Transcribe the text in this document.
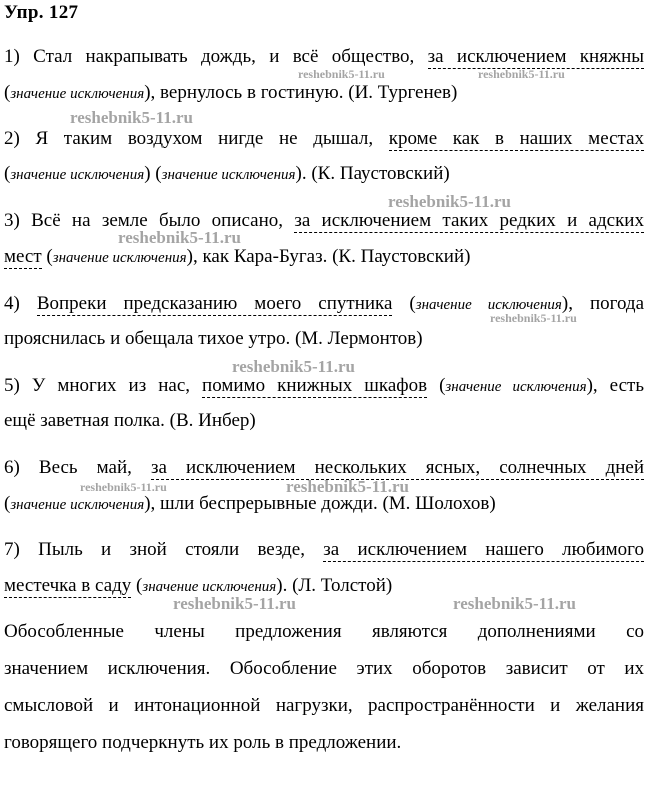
Упр. 127
1) Стал накрапывать дождь, и всё общество, за исключением княжны
(значение исключения), вернулось в гостиную. (И. Тургенев)
2) Я таким воздухом нигде не дышал, кроме как в наших местах
(значение исключения) (значение исключения). (К. Паустовский)
3) Всё на земле было описано, за исключением таких редких и адских
мест (значение исключения), как Кара-Бугаз. (К. Паустовский)
4) Вопреки предсказанию моего спутника (значение исключения), погода
прояснилась и обещала тихое утро. (М. Лермонтов)
5) У многих из нас, помимо книжных шкафов (значение исключения), есть
ещё заветная полка. (В. Инбер)
6) Весь май, за исключением нескольких ясных, солнечных дней
(значение исключения), шли беспрерывные дожди. (М. Шолохов)
7) Пыль и зной стояли везде, за исключением нашего любимого
местечка в саду (значение исключения). (Л. Толстой)
Обособленные члены предложения являются дополнениями со
значением исключения. Обособление этих оборотов зависит от их
смысловой и интонационной нагрузки, распространённости и желания
говорящего подчеркнуть их роль в предложении.
reshebnik5-11.ru	reshebnik5-11.ru
reshebnik5-11.ru
reshebnik5-11.ru
reshebnik5-11.ru
reshebnik5-11.ru
reshebnik5-11.ru
reshebnik5-11.ru	reshebnik5-11.ru
reshebnik5-11.ru	reshebnik5-11.ru
